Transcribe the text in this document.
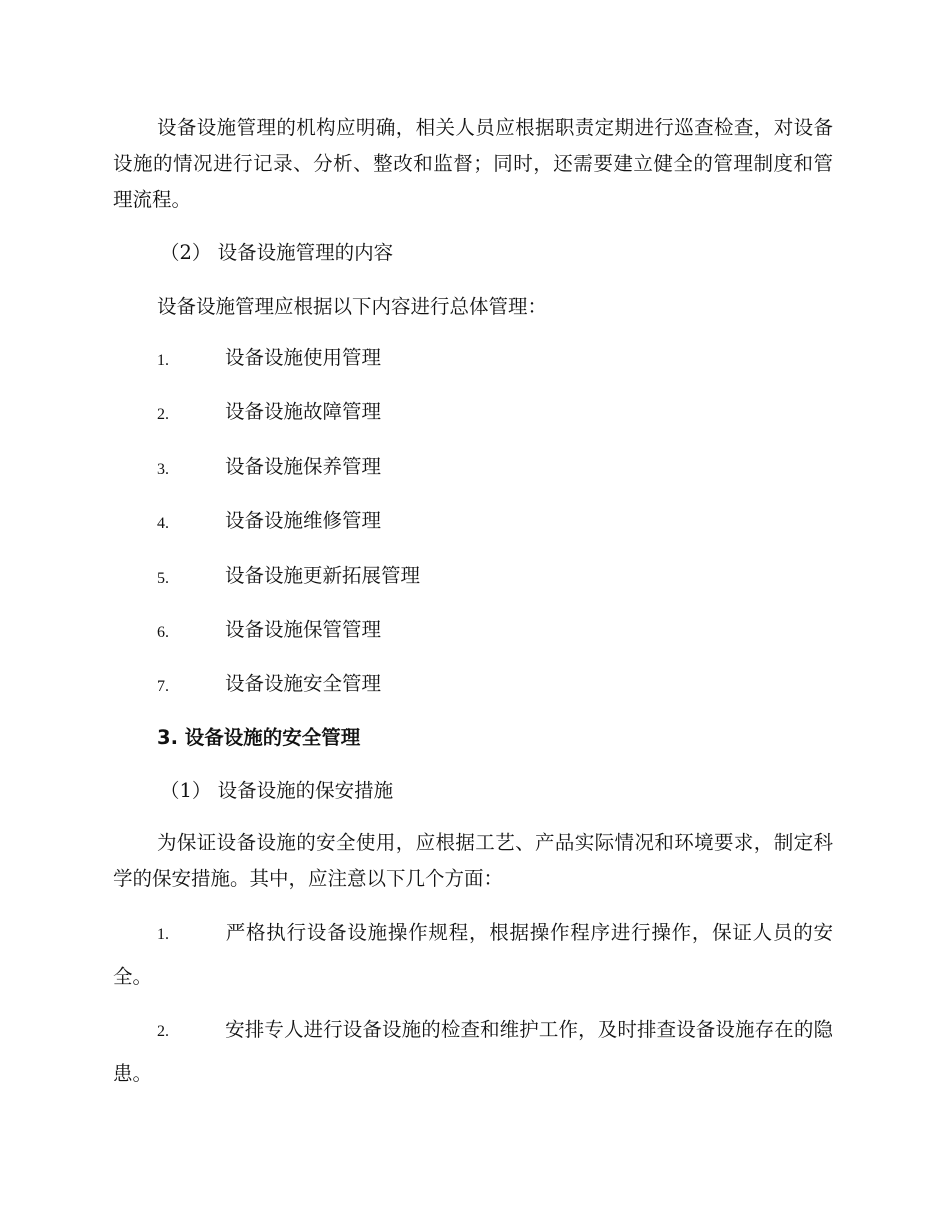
设备设施管理的机构应明确，相关人员应根据职责定期进行巡查检查，对设备设施的情况进行记录、分析、整改和监督；同时，还需要建立健全的管理制度和管理流程。

（2） 设备设施管理的内容

设备设施管理应根据以下内容进行总体管理：

1.	设备设施使用管理
2.	设备设施故障管理
3.	设备设施保养管理
4.	设备设施维修管理
5.	设备设施更新拓展管理
6.	设备设施保管管理
7.	设备设施安全管理

3. 设备设施的安全管理

（1） 设备设施的保安措施

为保证设备设施的安全使用，应根据工艺、产品实际情况和环境要求，制定科学的保安措施。其中，应注意以下几个方面：

1.	严格执行设备设施操作规程，根据操作程序进行操作，保证人员的安全。

2.	安排专人进行设备设施的检查和维护工作，及时排查设备设施存在的隐患。
